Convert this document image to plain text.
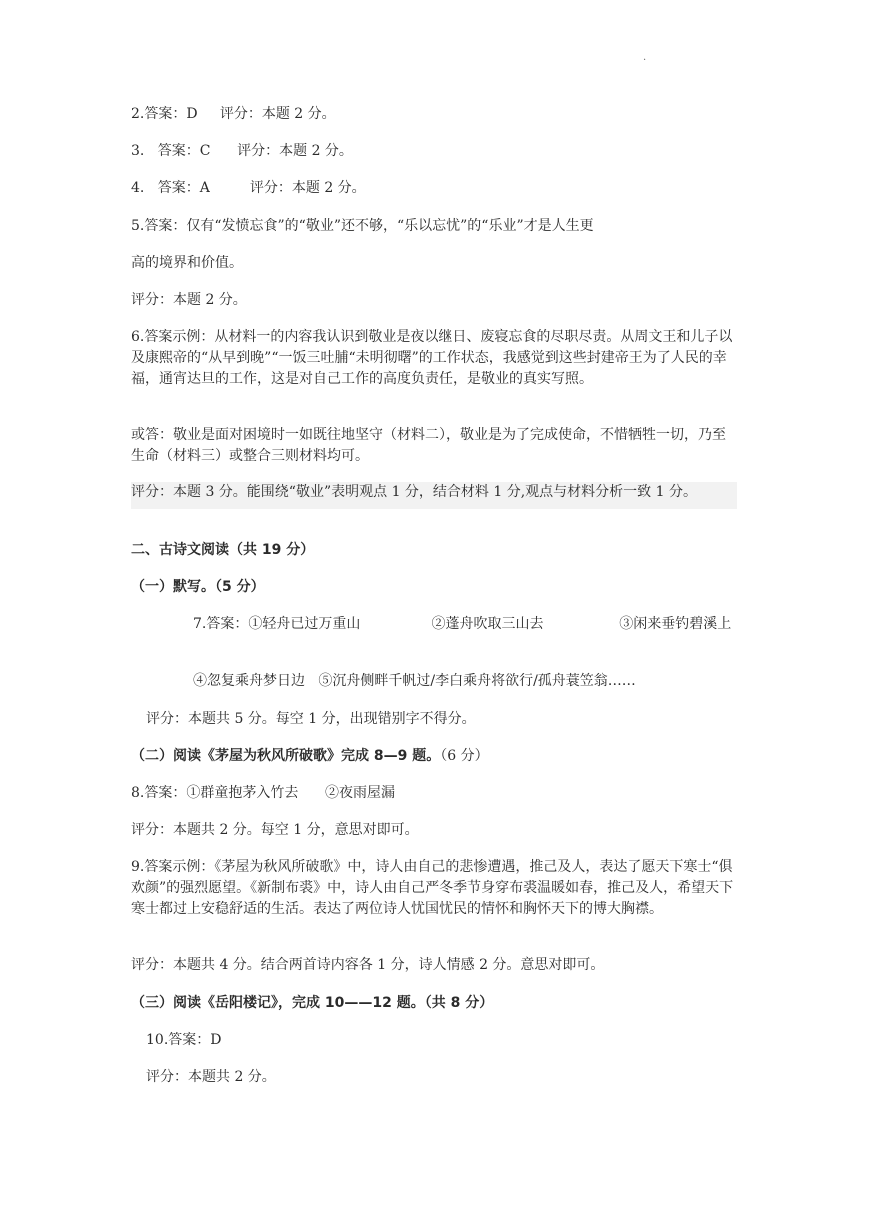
.

2.答案：D     评分：本题 2 分。

3.   答案：C      评分：本题 2 分。

4.   答案：A         评分：本题 2 分。

5.答案：仅有“发愤忘食”的“敬业”还不够，“乐以忘忧”的“乐业”才是人生更

高的境界和价值。

评分：本题 2 分。

6.答案示例：从材料一的内容我认识到敬业是夜以继日、废寝忘食的尽职尽责。从周文王和儿子以及康熙帝的“从早到晚”“一饭三吐脯“未明彻曙”的工作状态，我感觉到这些封建帝王为了人民的幸福，通宵达旦的工作，这是对自己工作的高度负责任，是敬业的真实写照。

或答：敬业是面对困境时一如既往地坚守（材料二），敬业是为了完成使命，不惜牺牲一切，乃至生命（材料三）或整合三则材料均可。

评分：本题 3 分。能围绕“敬业”表明观点 1 分，结合材料 1 分,观点与材料分析一致 1 分。

二、古诗文阅读（共 19 分）

（一）默写。（5 分）

7.答案：①轻舟已过万重山                ②蓬舟吹取三山去                 ③闲来垂钓碧溪上

④忽复乘舟梦日边   ⑤沉舟侧畔千帆过/李白乘舟将欲行/孤舟蓑笠翁……

评分：本题共 5 分。每空 1 分，出现错别字不得分。

（二）阅读《茅屋为秋风所破歌》完成 8—9 题。（6 分）

8.答案：①群童抱茅入竹去      ②夜雨屋漏

评分：本题共 2 分。每空 1 分，意思对即可。

9.答案示例：《茅屋为秋风所破歌》中，诗人由自己的悲惨遭遇，推己及人，表达了愿天下寒士“俱欢颜”的强烈愿望。《新制布裘》中，诗人由自己严冬季节身穿布裘温暖如春，推己及人，希望天下寒士都过上安稳舒适的生活。表达了两位诗人忧国忧民的情怀和胸怀天下的博大胸襟。

评分：本题共 4 分。结合两首诗内容各 1 分，诗人情感 2 分。意思对即可。

（三）阅读《岳阳楼记》，完成 10——12 题。（共 8 分）

10.答案：D

评分：本题共 2 分。
